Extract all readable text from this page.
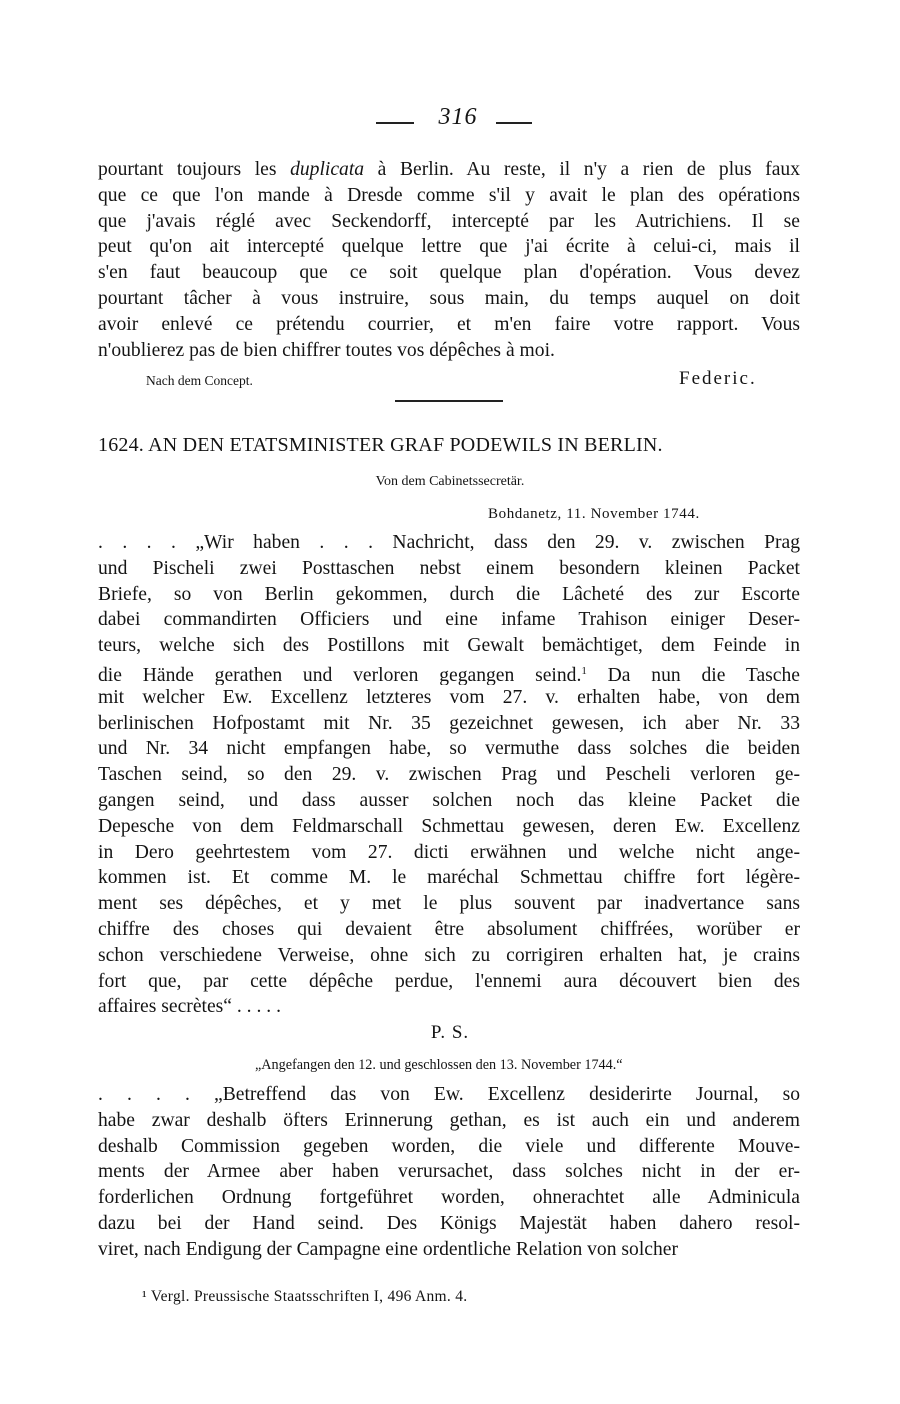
316
pourtant toujours les duplicata à Berlin. Au reste, il n'y a rien de plus faux
que ce que l'on mande à Dresde comme s'il y avait le plan des opérations
que j'avais réglé avec Seckendorff, intercepté par les Autrichiens. Il se
peut qu'on ait intercepté quelque lettre que j'ai écrite à celui-ci, mais il
s'en faut beaucoup que ce soit quelque plan d'opération. Vous devez
pourtant tâcher à vous instruire, sous main, du temps auquel on doit
avoir enlevé ce prétendu courrier, et m'en faire votre rapport. Vous
n'oublierez pas de bien chiffrer toutes vos dépêches à moi.
Nach dem Concept.	Federic.
1624. AN DEN ETATSMINISTER GRAF PODEWILS IN BERLIN.
Von dem Cabinetssecretär.
Bohdanetz, 11. November 1744.
. . . . „Wir haben . . . Nachricht, dass den 29. v. zwischen Prag
und Pischeli zwei Posttaschen nebst einem besondern kleinen Packet
Briefe, so von Berlin gekommen, durch die Lâcheté des zur Escorte
dabei commandirten Officiers und eine infame Trahison einiger Deser-
teurs, welche sich des Postillons mit Gewalt bemächtiget, dem Feinde in
die Hände gerathen und verloren gegangen seind.$^1$ Da nun die Tasche
mit welcher Ew. Excellenz letzteres vom 27. v. erhalten habe, von dem
berlinischen Hofpostamt mit Nr. 35 gezeichnet gewesen, ich aber Nr. 33
und Nr. 34 nicht empfangen habe, so vermuthe dass solches die beiden
Taschen seind, so den 29. v. zwischen Prag und Pescheli verloren ge-
gangen seind, und dass ausser solchen noch das kleine Packet die
Depesche von dem Feldmarschall Schmettau gewesen, deren Ew. Excellenz
in Dero geehrtestem vom 27. dicti erwähnen und welche nicht ange-
kommen ist. Et comme M. le maréchal Schmettau chiffre fort légère-
ment ses dépêches, et y met le plus souvent par inadvertance sans
chiffre des choses qui devaient être absolument chiffrées, worüber er
schon verschiedene Verweise, ohne sich zu corrigiren erhalten hat, je crains
fort que, par cette dépêche perdue, l'ennemi aura découvert bien des
affaires secrètes“ . . . . .
P. S.
„Angefangen den 12. und geschlossen den 13. November 1744.“
. . . . „Betreffend das von Ew. Excellenz desiderirte Journal, so
habe zwar deshalb öfters Erinnerung gethan, es ist auch ein und anderem
deshalb Commission gegeben worden, die viele und differente Mouve-
ments der Armee aber haben verursachet, dass solches nicht in der er-
forderlichen Ordnung fortgeführet worden, ohnerachtet alle Adminicula
dazu bei der Hand seind. Des Königs Majestät haben dahero resol-
viret, nach Endigung der Campagne eine ordentliche Relation von solcher
¹ Vergl. Preussische Staatsschriften I, 496 Anm. 4.
